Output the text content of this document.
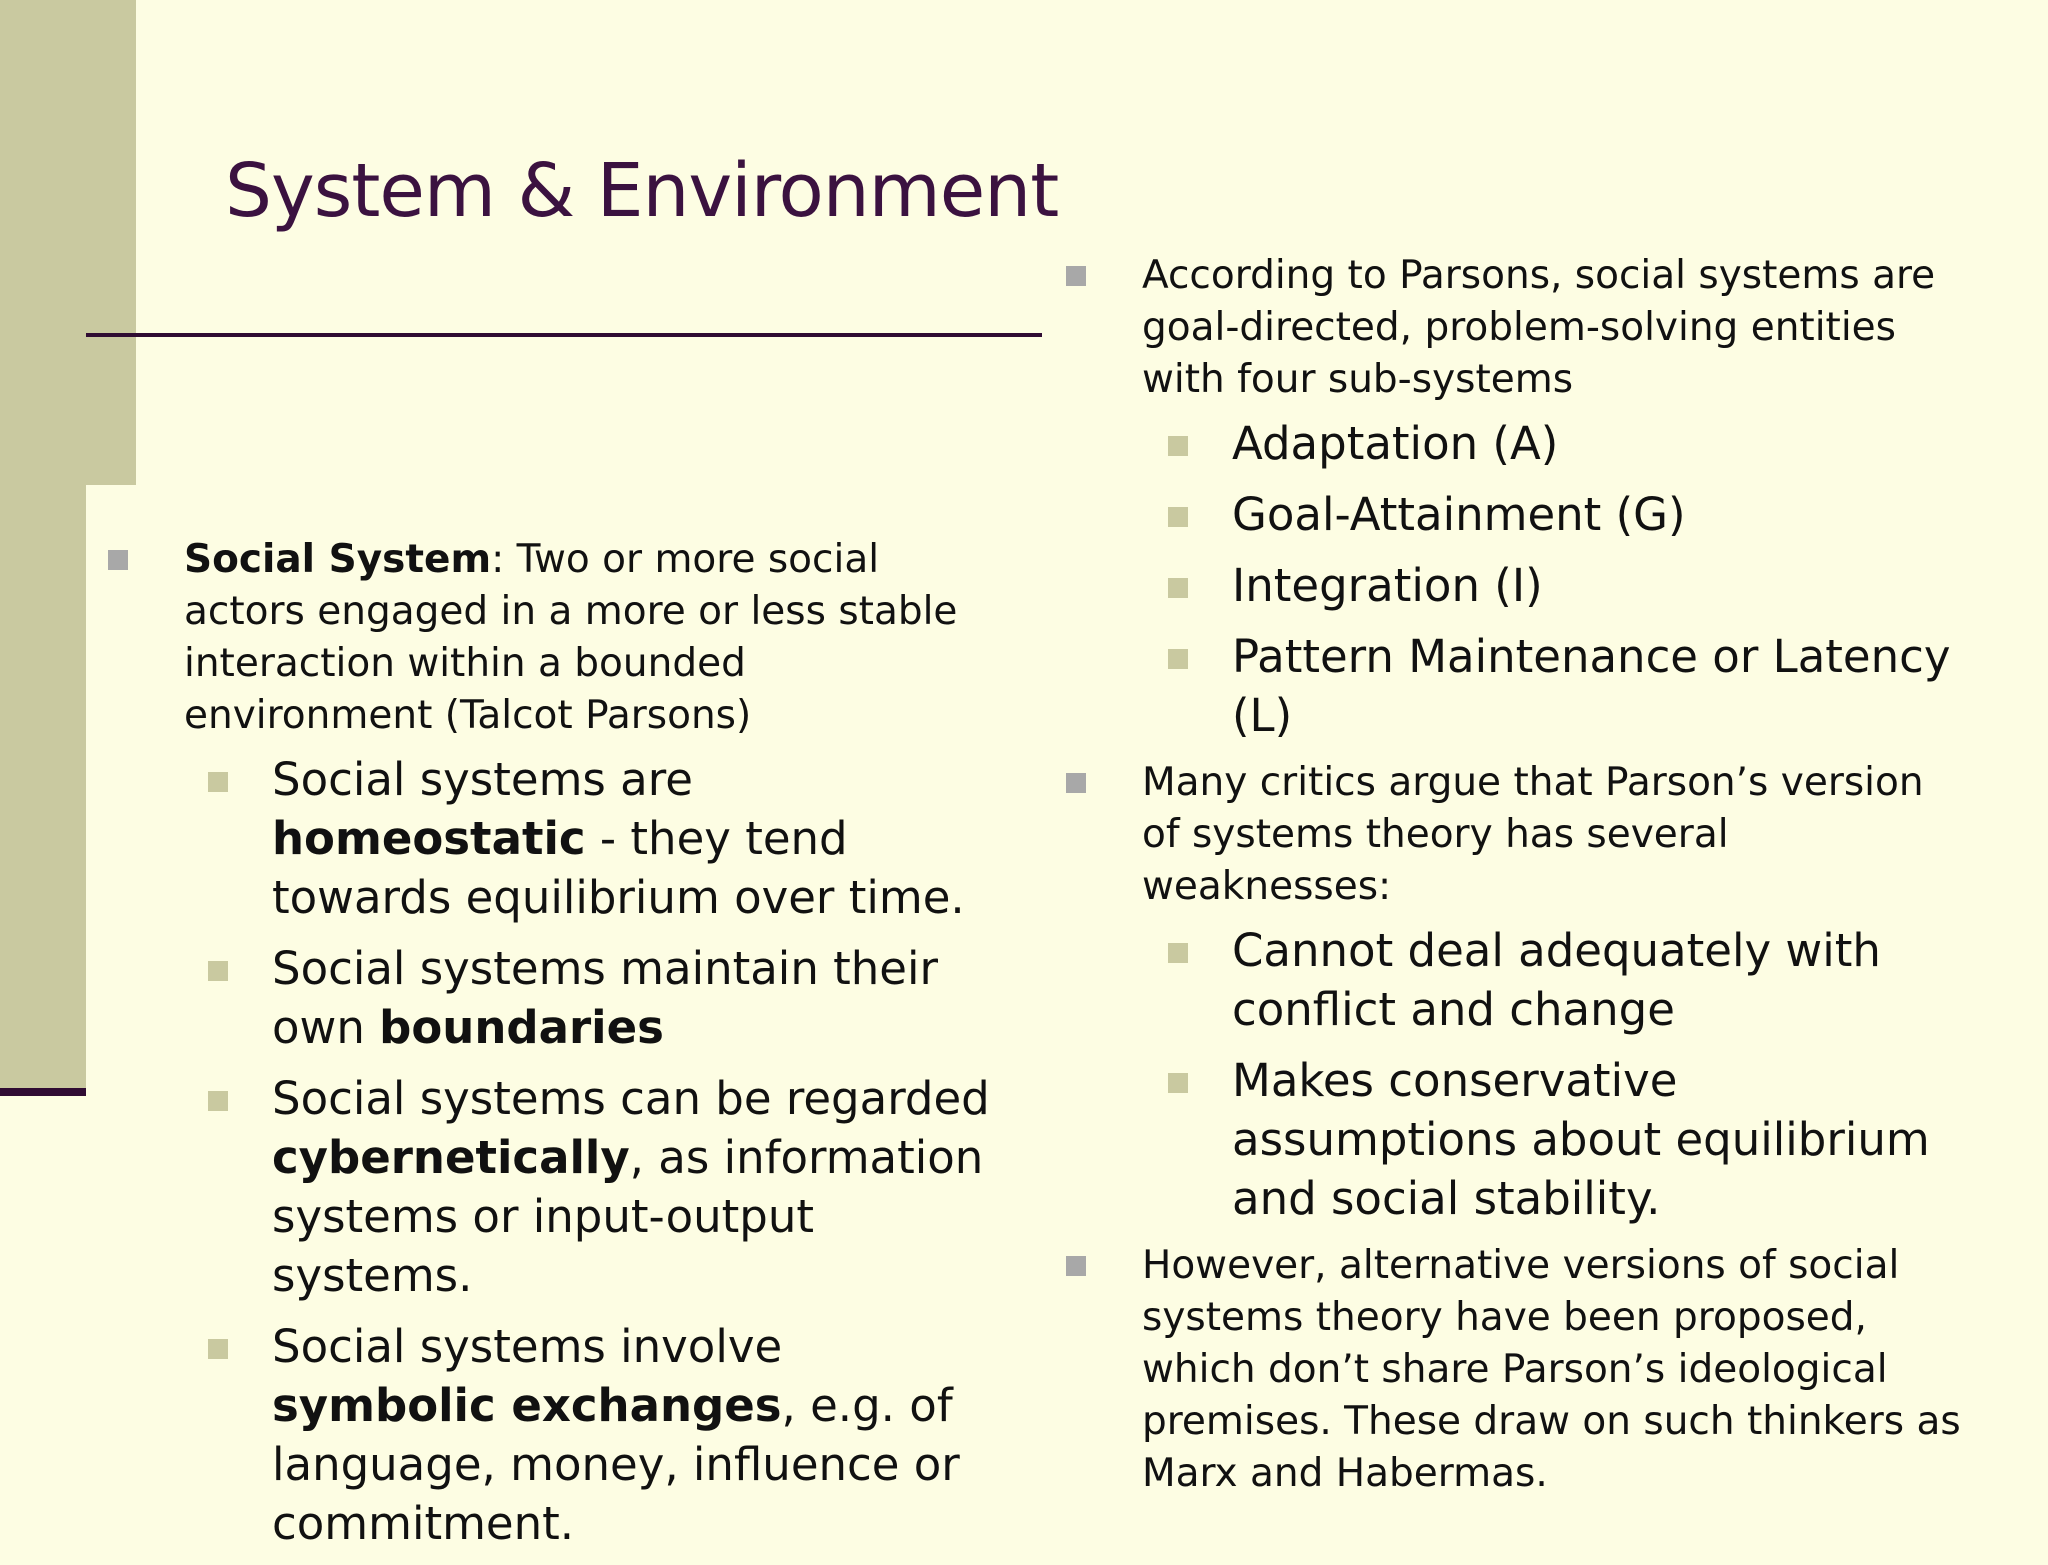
System & Environment
Social System: Two or more social actors engaged in a more or less stable interaction within a bounded environment (Talcot Parsons)
Social systems are homeostatic - they tend towards equilibrium over time.
Social systems maintain their own boundaries
Social systems can be regarded cybernetically, as information systems or input-output systems.
Social systems involve symbolic exchanges, e.g. of language, money, influence or commitment.
According to Parsons, social systems are goal-directed, problem-solving entities with four sub-systems
Adaptation (A)
Goal-Attainment (G)
Integration (I)
Pattern Maintenance or Latency (L)
Many critics argue that Parson’s version of systems theory has several weaknesses:
Cannot deal adequately with conflict and change
Makes conservative assumptions about equilibrium and social stability.
However, alternative versions of social systems theory have been proposed, which don’t share Parson’s ideological premises. These draw on such thinkers as Marx and Habermas.
